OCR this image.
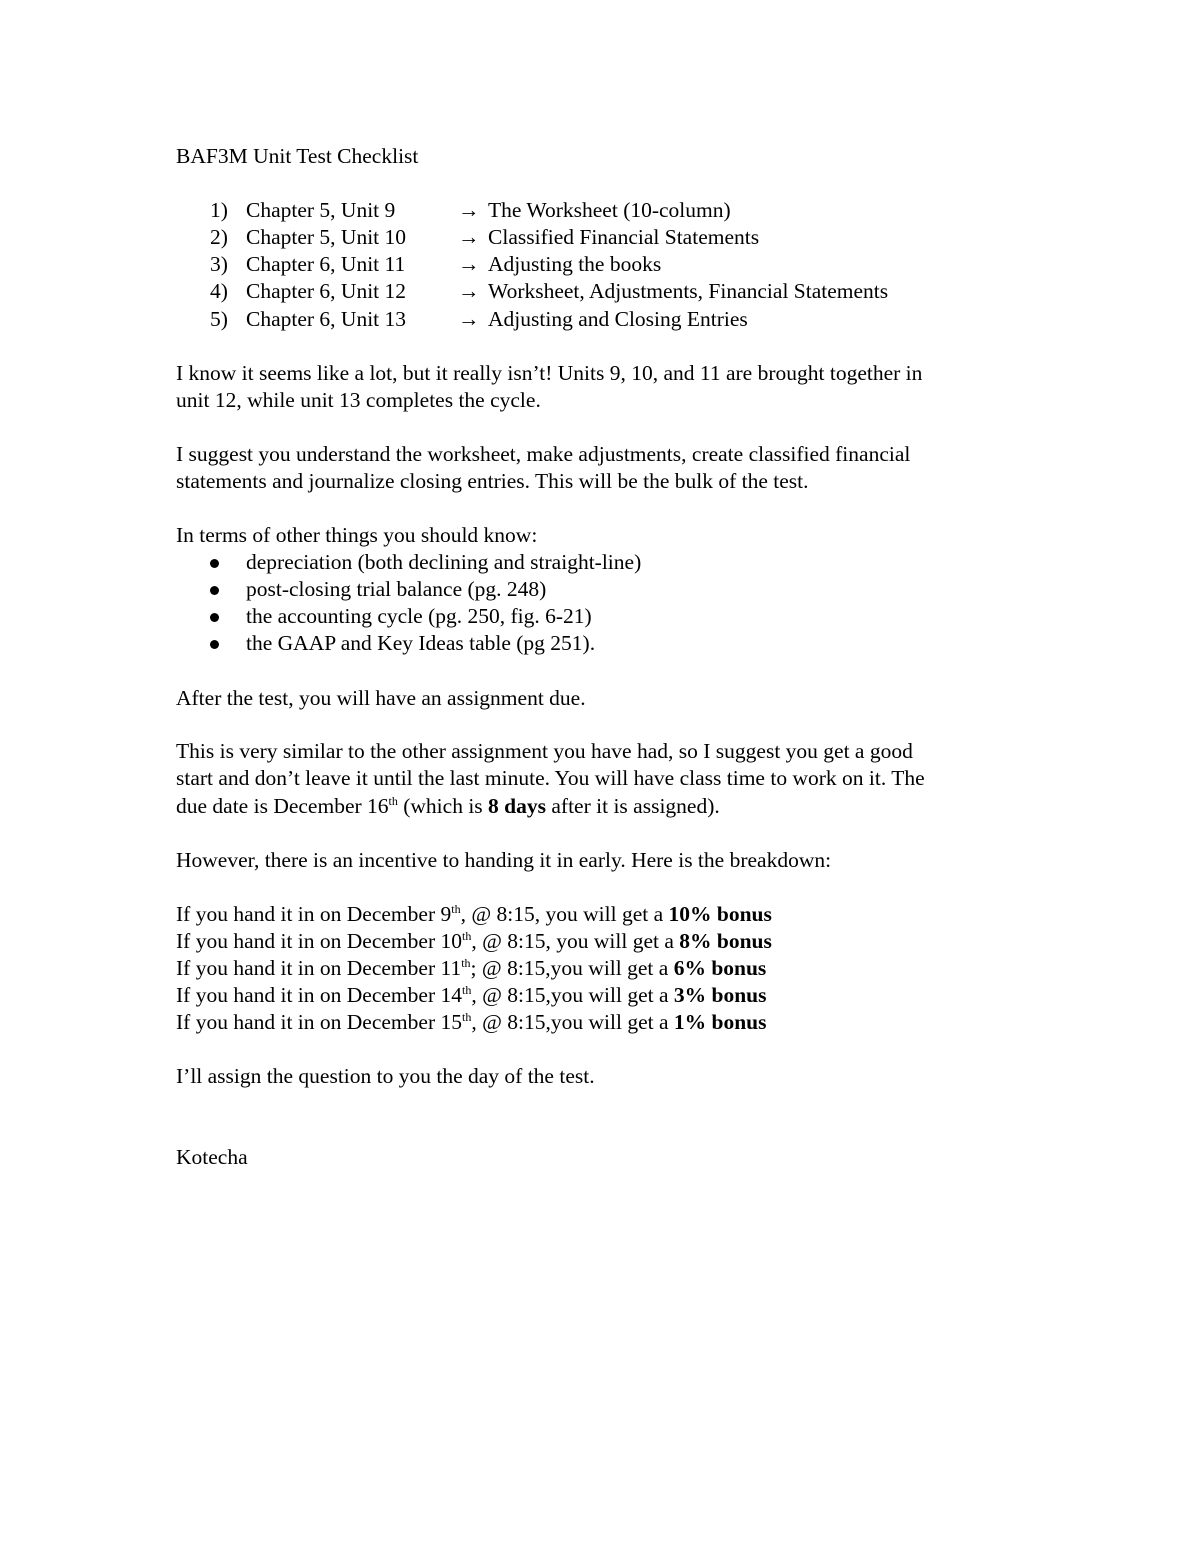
BAF3M Unit Test Checklist
1) Chapter 5, Unit 9	→ The Worksheet (10-column)
2) Chapter 5, Unit 10 → Classified Financial Statements
3) Chapter 6, Unit 11 → Adjusting the books
4) Chapter 6, Unit 12 → Worksheet, Adjustments, Financial Statements
5) Chapter 6, Unit 13 → Adjusting and Closing Entries
I know it seems like a lot, but it really isn’t! Units 9, 10, and 11 are brought together in
unit 12, while unit 13 completes the cycle.
I suggest you understand the worksheet, make adjustments, create classified financial
statements and journalize closing entries. This will be the bulk of the test.
In terms of other things you should know:
depreciation (both declining and straight-line)
post-closing trial balance (pg. 248)
the accounting cycle (pg. 250, fig. 6-21)
the GAAP and Key Ideas table (pg 251).
After the test, you will have an assignment due.
This is very similar to the other assignment you have had, so I suggest you get a good
start and don’t leave it until the last minute. You will have class time to work on it. The
due date is December 16th (which is 8 days after it is assigned).
However, there is an incentive to handing it in early. Here is the breakdown:
If you hand it in on December 9th, @ 8:15, you will get a 10% bonus
If you hand it in on December 10th, @ 8:15, you will get a 8% bonus
If you hand it in on December 11th; @ 8:15,you will get a 6% bonus
If you hand it in on December 14th, @ 8:15,you will get a 3% bonus
If you hand it in on December 15th, @ 8:15,you will get a 1% bonus
I’ll assign the question to you the day of the test.
Kotecha
